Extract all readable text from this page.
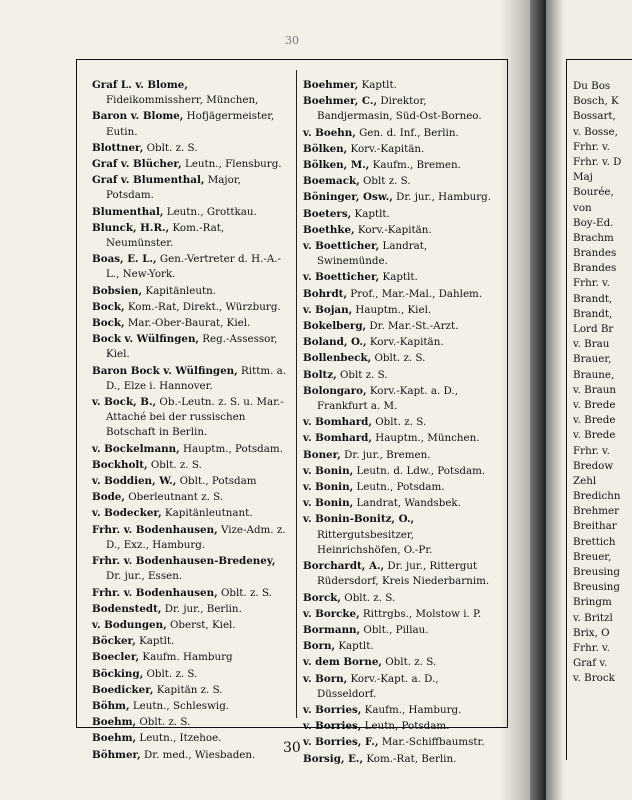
30
Graf L. v. Blome, Fideikommissherr, München,
Baron v. Blome, Hofjägermeister, Eutin.
Blottner, Oblt. z. S.
Graf v. Blücher, Leutn., Flensburg.
Graf v. Blumenthal, Major, Potsdam.
Blumenthal, Leutn., Grottkau.
Blunck, H.R., Kom.-Rat, Neumünster.
Boas, E. L., Gen.-Vertreter d. H.-A.-L., New-York.
Bobsien, Kapitänleutn.
Bock, Kom.-Rat, Direkt., Würzburg.
Bock, Mar.-Ober-Baurat, Kiel.
Bock v. Wülfingen, Reg.-Assessor, Kiel.
Baron Bock v. Wülfingen, Rittm. a. D., Elze i. Hannover.
v. Bock, B., Ob.-Leutn. z. S. u. Mar.-Attaché bei der russischen Botschaft in Berlin.
v. Bockelmann, Hauptm., Potsdam.
Bockholt, Oblt. z. S.
v. Boddien, W., Oblt., Potsdam
Bode, Oberleutnant z. S.
v. Bodecker, Kapitänleutnant.
Frhr. v. Bodenhausen, Vize-Adm. z. D., Exz., Hamburg.
Frhr. v. Bodenhausen-Bredeney, Dr. jur., Essen.
Frhr. v. Bodenhausen, Oblt. z. S.
Bodenstedt, Dr. jur., Berlin.
v. Bodungen, Oberst, Kiel.
Böcker, Kaptlt.
Boecler, Kaufm. Hamburg
Böcking, Oblt. z. S.
Boedicker, Kapitän z. S.
Böhm, Leutn., Schleswig.
Boehm, Oblt. z. S.
Boehm, Leutn., Itzehoe.
Böhmer, Dr. med., Wiesbaden.
Boehmer, Kaptlt.
Boehmer, C., Direktor, Bandjermasin, Süd-Ost-Borneo.
v. Boehn, Gen. d. Inf., Berlin.
Bölken, Korv.-Kapitän.
Bölken, M., Kaufm., Bremen.
Boemack, Oblt z. S.
Böninger, Osw., Dr. jur., Hamburg.
Boeters, Kaptlt.
Boethke, Korv.-Kapitän.
v. Boetticher, Landrat, Swinemünde.
v. Boetticher, Kaptlt.
Bohrdt, Prof., Mar.-Mal., Dahlem.
v. Bojan, Hauptm., Kiel.
Bokelberg, Dr. Mar.-St.-Arzt.
Boland, O., Korv.-Kapitän.
Bollenbeck, Oblt. z. S.
Boltz, Oblt z. S.
Bolongaro, Korv.-Kapt. a. D., Frankfurt a. M.
v. Bomhard, Oblt. z. S.
v. Bomhard, Hauptm., München.
Boner, Dr. jur., Bremen.
v. Bonin, Leutn. d. Ldw., Potsdam.
v. Bonin, Leutn., Potsdam.
v. Bonin, Landrat, Wandsbek.
v. Bonin-Bonitz, O., Rittergutsbesitzer, Heinrichshöfen, O.-Pr.
Borchardt, A., Dr. jur., Rittergut Rüdersdorf, Kreis Niederbarnim.
Borck, Oblt. z. S.
v. Borcke, Rittrgbs., Molstow i. P.
Bormann, Oblt., Pillau.
Born, Kaptlt.
v. dem Borne, Oblt. z. S.
v. Born, Korv.-Kapt. a. D., Düsseldorf.
v. Borries, Kaufm., Hamburg.
v. Borries, Leutn, Potsdam.
v. Borries, F., Mar.-Schiffbaumstr.
Borsig, E., Kom.-Rat, Berlin.
30
Du Bos
Bosch, K
Bossart,
v. Bosse,
Frhr. v.
Frhr. v. D
Maj
Bourée,
von
Boy-Ed.
Brachm
Brandes
Brandes
Frhr. v.
Brandt,
Brandt,
Lord Br
v. Brau
Brauer,
Braune,
v. Braun
v. Brede
v. Brede
v. Brede
Frhr. v.
Bredow
Zehl
Bredichn
Brehmer
Breithar
Brettich
Breuer,
Breusing
Breusing
Bringm
v. Britzl
Brix, O
Frhr. v.
Graf v.
v. Brock
